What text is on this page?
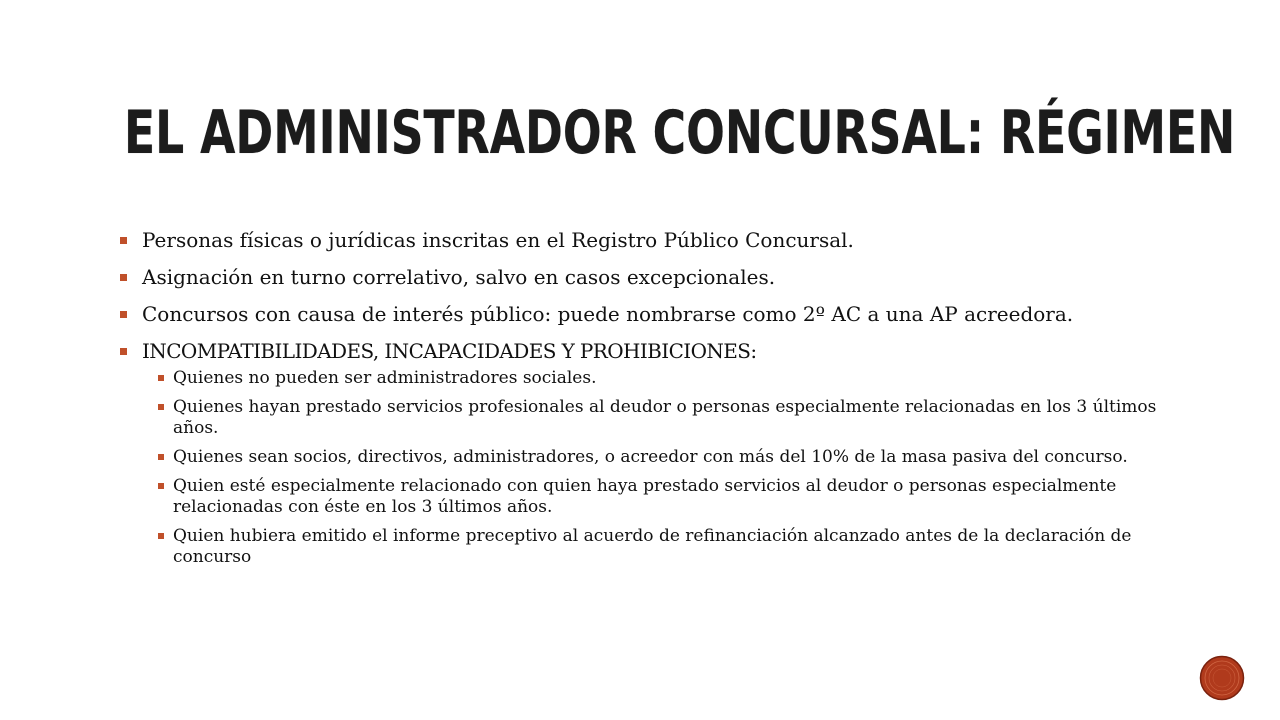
EL ADMINISTRADOR CONCURSAL: RÉGIMEN
Personas físicas o jurídicas inscritas en el Registro Público Concursal.
Asignación en turno correlativo, salvo en casos excepcionales.
Concursos con causa de interés público: puede nombrarse como 2º AC a una AP acreedora.
INCOMPATIBILIDADES, INCAPACIDADES Y PROHIBICIONES:
Quienes no pueden ser administradores sociales.
Quienes hayan prestado servicios profesionales al deudor o personas especialmente relacionadas en los 3 últimos años.
Quienes sean socios, directivos, administradores, o acreedor con más del 10% de la masa pasiva del concurso.
Quien esté especialmente relacionado con quien haya prestado servicios al deudor o personas especialmente relacionadas con éste en los 3 últimos años.
Quien hubiera emitido el informe preceptivo al acuerdo de refinanciación alcanzado antes de la declaración de concurso
